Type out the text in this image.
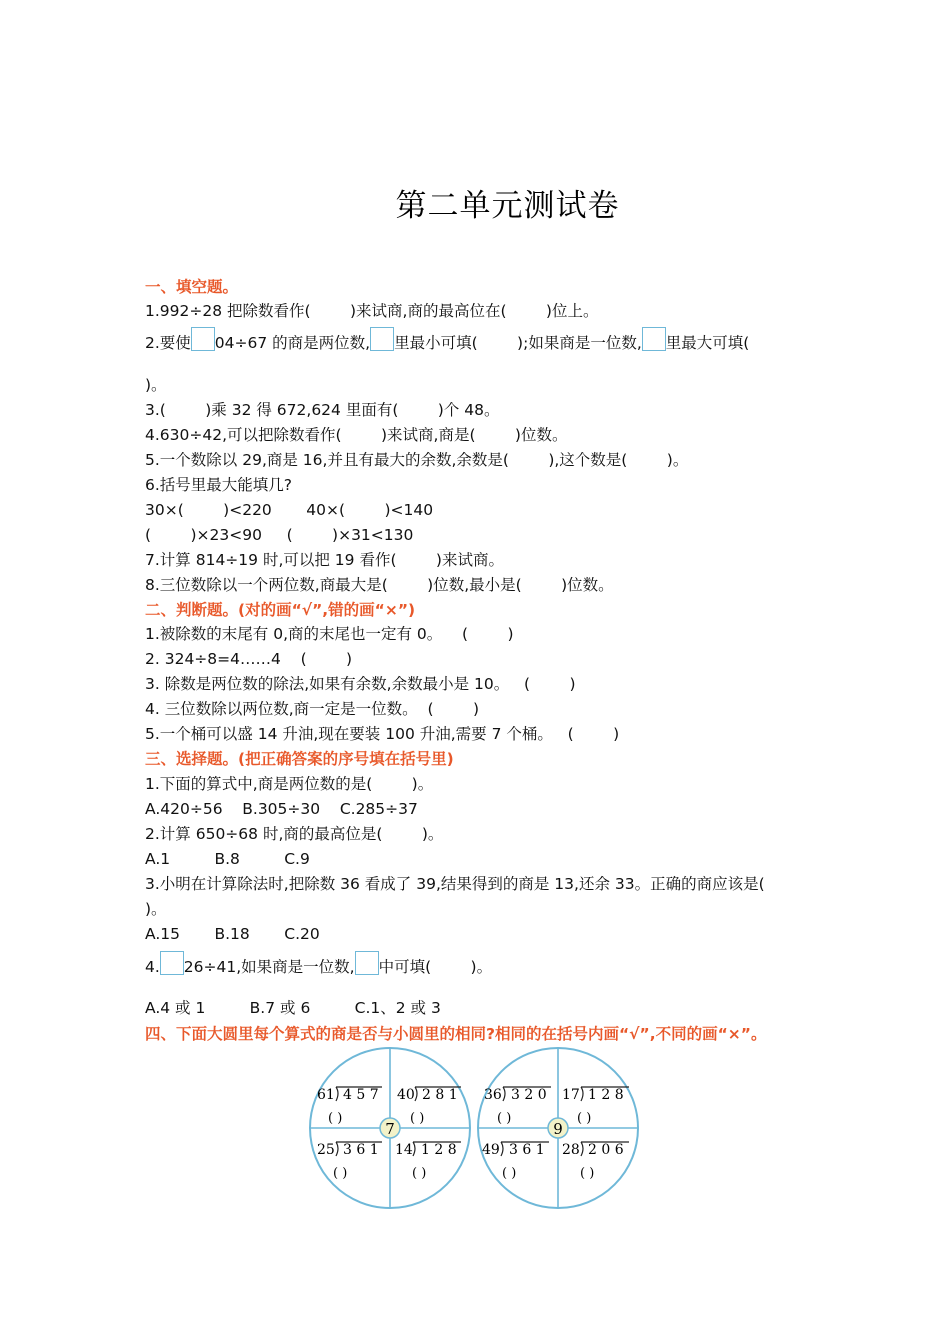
第二单元测试卷
一、填空题。
1.992÷28 把除数看作(        )来试商,商的最高位在(        )位上。
2.要使 04÷67 的商是两位数, 里最小可填(        );如果商是一位数, 里最大可填(
)。
3.(        )乘 32 得 672,624 里面有(        )个 48。
4.630÷42,可以把除数看作(        )来试商,商是(        )位数。
5.一个数除以 29,商是 16,并且有最大的余数,余数是(        ),这个数是(        )。
6.括号里最大能填几?
30×(        )<220       40×(        )<140
(        )×23<90     (        )×31<130
7.计算 814÷19 时,可以把 19 看作(        )来试商。
8.三位数除以一个两位数,商最大是(        )位数,最小是(        )位数。
二、判断题。(对的画“√”,错的画“×”)
1.被除数的末尾有 0,商的末尾也一定有 0。    (        )
2. 324÷8=4……4    (        )
3. 除数是两位数的除法,如果有余数,余数最小是 10。   (        )
4. 三位数除以两位数,商一定是一位数。  (        )
5.一个桶可以盛 14 升油,现在要装 100 升油,需要 7 个桶。   (        )
三、选择题。(把正确答案的序号填在括号里)
1.下面的算式中,商是两位数的是(        )。
A.420÷56    B.305÷30    C.285÷37
2.计算 650÷68 时,商的最高位是(        )。
A.1         B.8         C.9
3.小明在计算除法时,把除数 36 看成了 39,结果得到的商是 13,还余 33。正确的商应该是(
)。
A.15       B.18       C.20
4. 26÷41,如果商是一位数, 中可填(        )。
A.4 或 1         B.7 或 6         C.1、2 或 3
四、下面大圆里每个算式的商是否与小圆里的相同?相同的在括号内画“√”,不同的画“×”。
61 4 5 7
( )
40 2 8 1
( )
25 3 6 1
( )
14 1 2 8
( )
7
36 3 2 0
( )
17 1 2 8
( )
49 3 6 1
( )
28 2 0 6
( )
9
